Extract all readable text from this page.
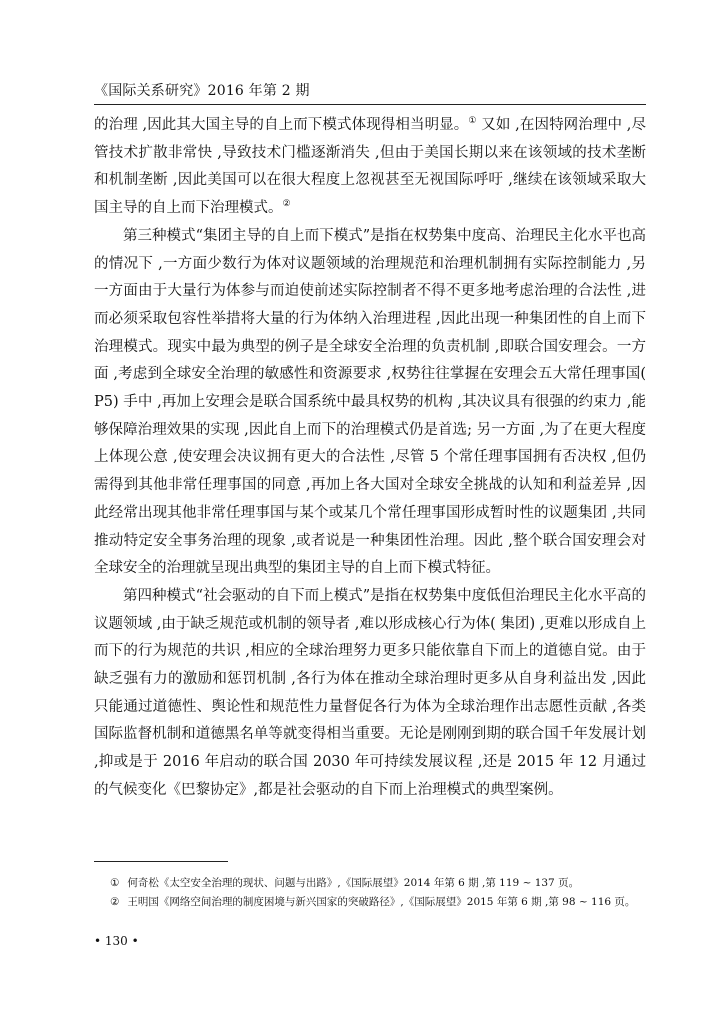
《国际关系研究》2016 年第 2 期

的治理 ,因此其大国主导的自上而下模式体现得相当明显。① 又如 ,在因特网治理中 ,尽管技术扩散非常快 ,导致技术门槛逐渐消失 ,但由于美国长期以来在该领域的技术垄断和机制垄断 ,因此美国可以在很大程度上忽视甚至无视国际呼吁 ,继续在该领域采取大国主导的自上而下治理模式。②

第三种模式“集团主导的自上而下模式”是指在权势集中度高、治理民主化水平也高的情况下 ,一方面少数行为体对议题领域的治理规范和治理机制拥有实际控制能力 ,另一方面由于大量行为体参与而迫使前述实际控制者不得不更多地考虑治理的合法性 ,进而必须采取包容性举措将大量的行为体纳入治理进程 ,因此出现一种集团性的自上而下治理模式。现实中最为典型的例子是全球安全治理的负责机制 ,即联合国安理会。一方面 ,考虑到全球安全治理的敏感性和资源要求 ,权势往往掌握在安理会五大常任理事国( P5) 手中 ,再加上安理会是联合国系统中最具权势的机构 ,其决议具有很强的约束力 ,能够保障治理效果的实现 ,因此自上而下的治理模式仍是首选; 另一方面 ,为了在更大程度上体现公意 ,使安理会决议拥有更大的合法性 ,尽管 5 个常任理事国拥有否决权 ,但仍需得到其他非常任理事国的同意 ,再加上各大国对全球安全挑战的认知和利益差异 ,因此经常出现其他非常任理事国与某个或某几个常任理事国形成暂时性的议题集团 ,共同推动特定安全事务治理的现象 ,或者说是一种集团性治理。因此 ,整个联合国安理会对全球安全的治理就呈现出典型的集团主导的自上而下模式特征。

第四种模式“社会驱动的自下而上模式”是指在权势集中度低但治理民主化水平高的议题领域 ,由于缺乏规范或机制的领导者 ,难以形成核心行为体( 集团) ,更难以形成自上而下的行为规范的共识 ,相应的全球治理努力更多只能依靠自下而上的道德自觉。由于缺乏强有力的激励和惩罚机制 ,各行为体在推动全球治理时更多从自身利益出发 ,因此只能通过道德性、舆论性和规范性力量督促各行为体为全球治理作出志愿性贡献 ,各类国际监督机制和道德黑名单等就变得相当重要。无论是刚刚到期的联合国千年发展计划 ,抑或是于 2016 年启动的联合国 2030 年可持续发展议程 ,还是 2015 年 12 月通过的气候变化《巴黎协定》,都是社会驱动的自下而上治理模式的典型案例。

① 何奇松《太空安全治理的现状、问题与出路》,《国际展望》2014 年第 6 期 ,第 119 ~ 137 页。

② 王明国《网络空间治理的制度困境与新兴国家的突破路径》,《国际展望》2015 年第 6 期 ,第 98 ~ 116 页。

• 130 •
